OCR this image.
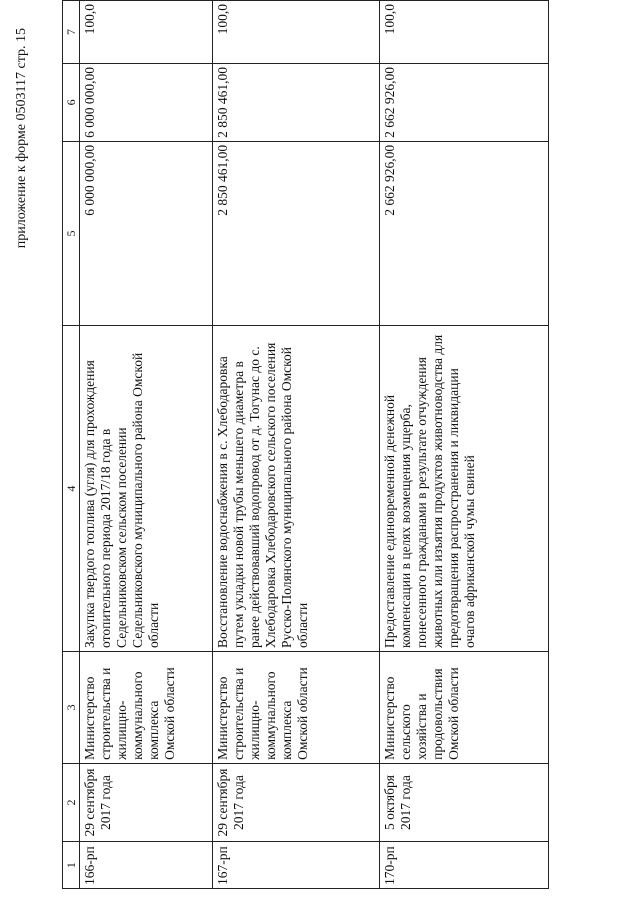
приложение к форме 0503117 стр. 15
1	2	3	4	5	6	7
166-рп	29 сентября 2017 года	Министерство строительства и жилищно-коммунального комплекса Омской области	Закупка твердого топлива (угля) для прохождения отопительного периода 2017/18 года в Седельниковском сельском поселении Седельниковского муниципального района Омской области	6 000 000,00	6 000 000,00	100,0
167-рп	29 сентября 2017 года	Министерство строительства и жилищно-коммунального комплекса Омской области	Восстановление водоснабжения в с. Хлебодаровка путем укладки новой трубы меньшего диаметра в ранее действовавший водопровод от д. Тогунас до с. Хлебодаровка Хлебодаровского сельского поселения Русско-Полянского муниципального района Омской области	2 850 461,00	2 850 461,00	100,0
170-рп	5 октября 2017 года	Министерство сельского хозяйства и продовольствия Омской области	Предоставление единовременной денежной компенсации в целях возмещения ущерба, понесенного гражданами в результате отчуждения животных или изъятия продуктов животноводства для предотвращения распространения и ликвидации очагов африканской чумы свиней	2 662 926,00	2 662 926,00	100,0
